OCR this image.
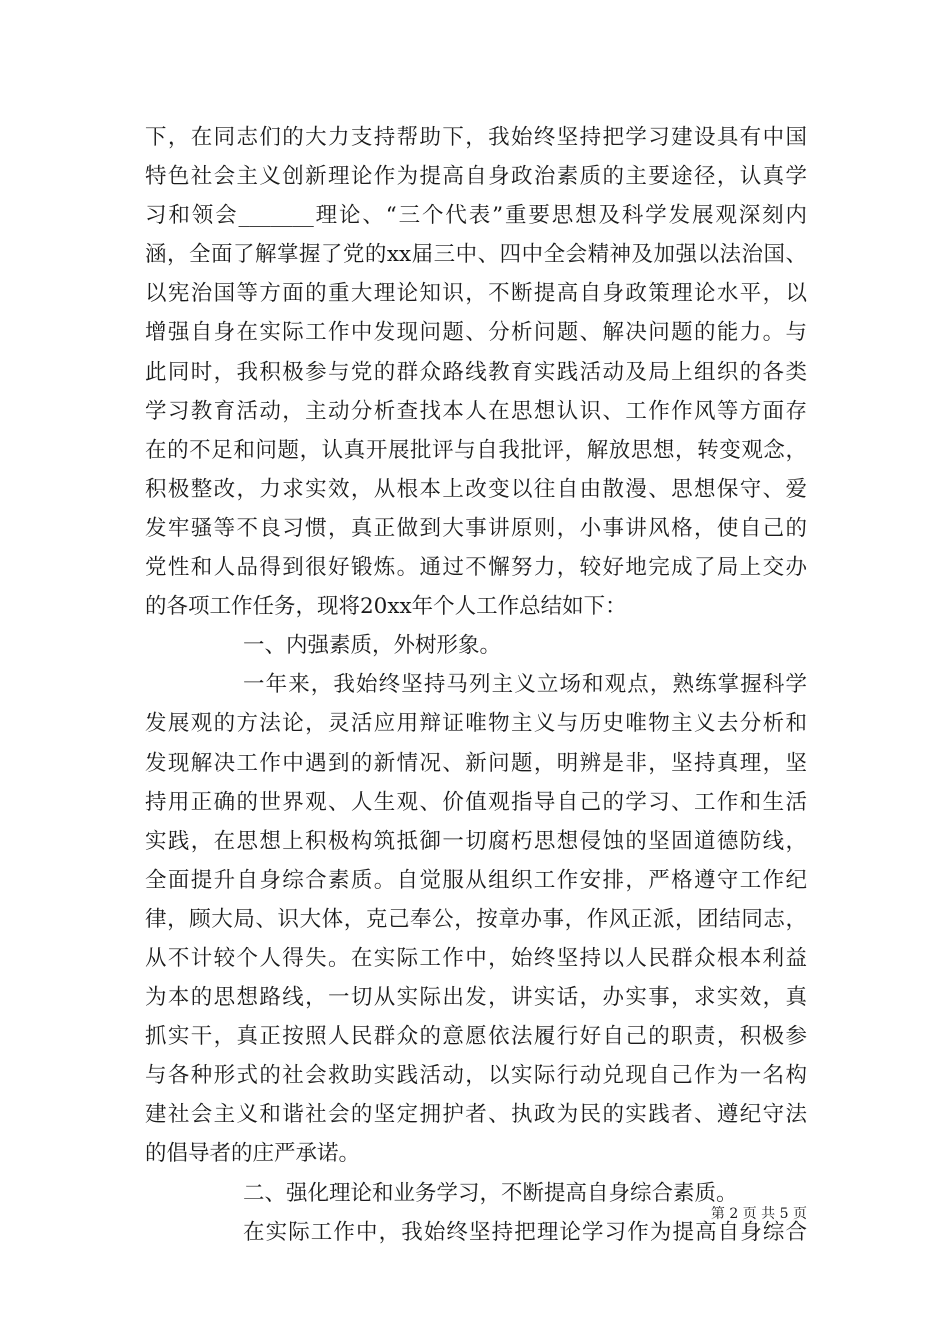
下，在同志们的大力支持帮助下，我始终坚持把学习建设具有中国
特色社会主义创新理论作为提高自身政治素质的主要途径，认真学
习和领会_______理论、“三个代表”重要思想及科学发展观深刻内
涵，全面了解掌握了党的xx届三中、四中全会精神及加强以法治国、
以宪治国等方面的重大理论知识，不断提高自身政策理论水平，以
增强自身在实际工作中发现问题、分析问题、解决问题的能力。与
此同时，我积极参与党的群众路线教育实践活动及局上组织的各类
学习教育活动，主动分析查找本人在思想认识、工作作风等方面存
在的不足和问题，认真开展批评与自我批评，解放思想，转变观念，
积极整改，力求实效，从根本上改变以往自由散漫、思想保守、爱
发牢骚等不良习惯，真正做到大事讲原则，小事讲风格，使自己的
党性和人品得到很好锻炼。通过不懈努力，较好地完成了局上交办
的各项工作任务，现将20xx年个人工作总结如下：
一、内强素质，外树形象。
一年来，我始终坚持马列主义立场和观点，熟练掌握科学
发展观的方法论，灵活应用辩证唯物主义与历史唯物主义去分析和
发现解决工作中遇到的新情况、新问题，明辨是非，坚持真理，坚
持用正确的世界观、人生观、价值观指导自己的学习、工作和生活
实践，在思想上积极构筑抵御一切腐朽思想侵蚀的坚固道德防线，
全面提升自身综合素质。自觉服从组织工作安排，严格遵守工作纪
律，顾大局、识大体，克己奉公，按章办事，作风正派，团结同志，
从不计较个人得失。在实际工作中，始终坚持以人民群众根本利益
为本的思想路线，一切从实际出发，讲实话，办实事，求实效，真
抓实干，真正按照人民群众的意愿依法履行好自己的职责，积极参
与各种形式的社会救助实践活动，以实际行动兑现自己作为一名构
建社会主义和谐社会的坚定拥护者、执政为民的实践者、遵纪守法
的倡导者的庄严承诺。
二、强化理论和业务学习，不断提高自身综合素质。
在实际工作中，我始终坚持把理论学习作为提高自身综合
第 2 页 共 5 页
